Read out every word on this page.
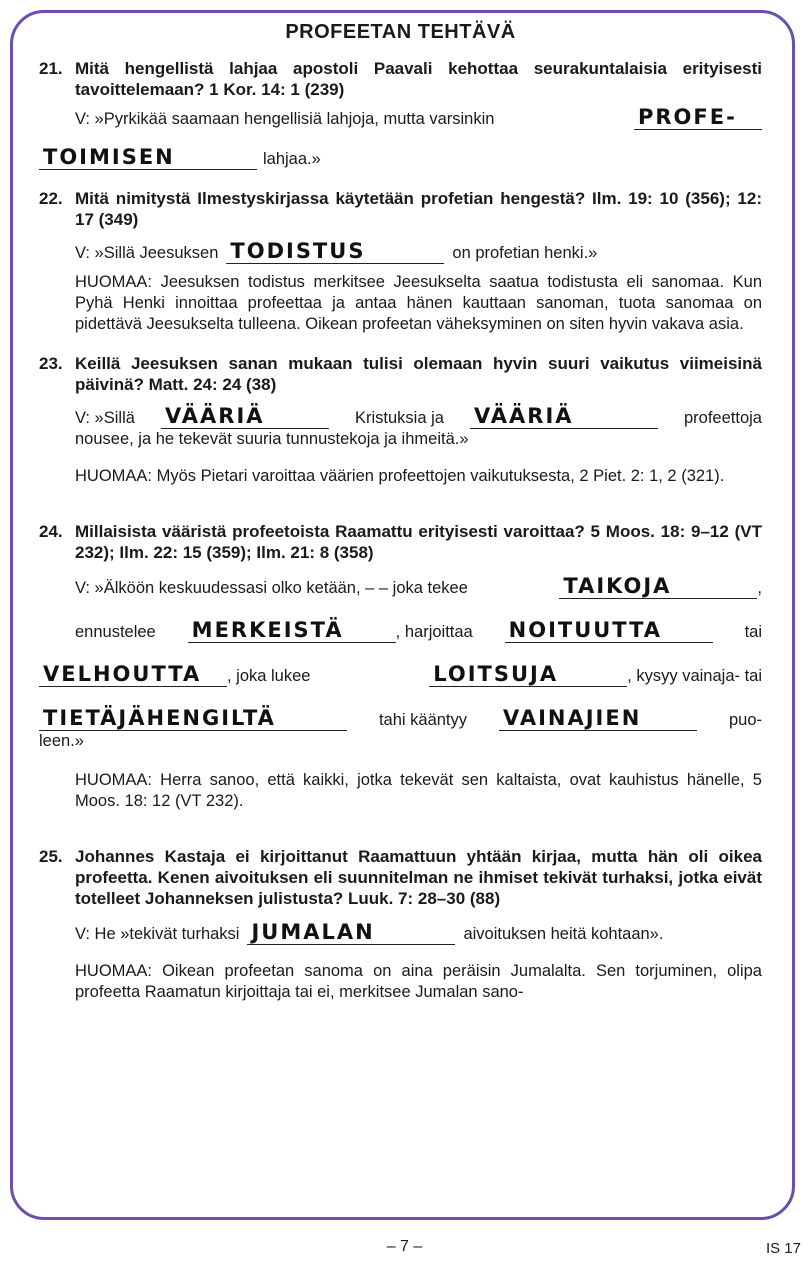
PROFEETAN TEHTÄVÄ
21. Mitä hengellistä lahjaa apostoli Paavali kehottaa seurakuntalaisia erityisesti tavoittelemaan? 1 Kor. 14: 1 (239)
V: »Pyrkikää saamaan hengellisiä lahjoja, mutta varsinkin	PROFE-
TOIMISEN	lahjaa.»
22. Mitä nimitystä Ilmestyskirjassa käytetään profetian hengestä? Ilm. 19: 10 (356); 12: 17 (349)
V: »Sillä Jeesuksen TODISTUS	on profetian henki.»
HUOMAA: Jeesuksen todistus merkitsee Jeesukselta saatua todistusta eli sanomaa. Kun Pyhä Henki innoittaa profeettaa ja antaa hänen kauttaan sanoman, tuota sanomaa on pidettävä Jeesukselta tulleena. Oikean profeetan väheksyminen on siten hyvin vakava asia.
23. Keillä Jeesuksen sanan mukaan tulisi olemaan hyvin suuri vaikutus viimeisinä päivinä? Matt. 24: 24 (38)
V: »Sillä VÄÄRIÄ	Kristuksia ja VÄÄRIÄ	profeettoja
nousee, ja he tekevät suuria tunnustekoja ja ihmeitä.»
HUOMAA: Myös Pietari varoittaa väärien profeettojen vaikutuksesta, 2 Piet. 2: 1, 2 (321).
24. Millaisista vääristä profeetoista Raamattu erityisesti varoittaa? 5 Moos. 18: 9–12 (VT 232); Ilm. 22: 15 (359); Ilm. 21: 8 (358)
V: »Älköön keskuudessasi olko ketään, – – joka tekee	TAIKOJA	,
ennustelee MERKEISTÄ	, harjoittaa NOITUUTTA	tai
VELHOUTTA	, joka lukee	LOITSUJA	, kysyy vainaja- tai
TIETÄJÄHENGILTÄ	tahi kääntyy VAINAJIEN	puo-
leen.»
HUOMAA: Herra sanoo, että kaikki, jotka tekevät sen kaltaista, ovat kauhistus hänelle, 5 Moos. 18: 12 (VT 232).
25. Johannes Kastaja ei kirjoittanut Raamattuun yhtään kirjaa, mutta hän oli oikea profeetta. Kenen aivoituksen eli suunnitelman ne ihmiset tekivät turhaksi, jotka eivät totelleet Johanneksen julistusta? Luuk. 7: 28–30 (88)
V: He »tekivät turhaksi JUMALAN	aivoituksen heitä kohtaan».
HUOMAA: Oikean profeetan sanoma on aina peräisin Jumalalta. Sen torjuminen, olipa profeetta Raamatun kirjoittaja tai ei, merkitsee Jumalan sano-
– 7 –	IS 17
